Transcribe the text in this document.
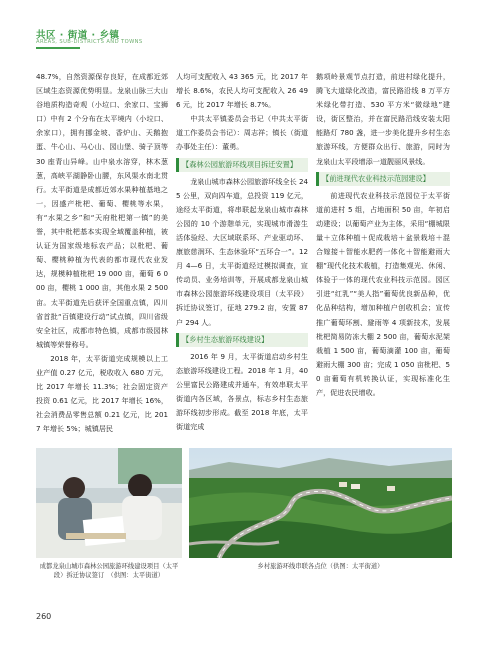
共区 · 街道 · 乡镇
AREAS, SUB-DISTRICTS AND TOWNS

48.7%，自然资源保存良好，在成都近郊区域生态资源优势明显。龙泉山脉三大山谷地质构造奇观（小垃口、余家口、宝狮口）中有 2 个分布在太平境内（小垃口、余家口），拥有挪金坡、香炉山、天鹅抱蛋、牛心山、马心山、园山堡、骑子顶等 30 座青山异峰。山中泉水溶穿，林木葱葱，高峡平湖静卧山腰，东风渠水南北贯行。太平街道是成都近郊水果种植基地之一，因盛产枇杷、葡萄、樱桃等水果，有“水果之乡”和“天府枇杷第一镇”的美誉，其中枇杷基本实现全域覆盖种植，被认证为国家级地标农产品；以枇杷、葡萄、樱桃种植为代表的都市现代农业发达，规模种植枇杷 19 000 亩，葡萄 6 000 亩，樱桃 1 000 亩，其他水果 2 500 亩。太平街道先后获评全国重点镇，四川省首批“百镇建设行动”试点镇，四川省级安全社区，成都市特色镇，成都市级园林城镇等荣誉称号。

2018 年，太平街道完成规模以上工业产值 0.27 亿元，税收收入 680 万元，比 2017 年增长 11.3%；社会固定资产投资 0.61 亿元，比 2017 年增长 16%，社会消费品零售总额 0.21 亿元，比 2017 年增长 5%；城镇居民

人均可支配收入 43 365 元，比 2017 年增长 8.6%，农民人均可支配收入 26 496 元，比 2017 年增长 8.7%。

中共太平镇委员会书记（中共太平街道工作委员会书记）：周志祥；镇长（街道办事处主任）：董勇。

【森林公园旅游环线项目拆迁安置】

龙泉山城市森林公园旅游环线全长 245 公里，双向四车道，总投资 119 亿元，途经太平街道，将串联起龙泉山城市森林公园的 10 个游憩单元，实现城市滑游生活体验经、大区域联系环、产业驱动环、康旅慈润环、生态休验环“五环合一”。12 月 4—6 日，太平街道经过模拟调查，宣传动员、业务培训等，开展成都龙泉山城市森林公园旅游环线建设项目（太平段）拆迁协议签订，征地 279.2 亩，安置 87 户 294 人。

【乡村生态旅游环线建设】

2016 年 9 月，太平街道启动乡村生态旅游环线建设工程。2018 年 1 月，40 公里富民公路建成并通车，有效串联太平街道内各区域，各景点，标志乡村生态旅游环线初步形成。截至 2018 年底，太平街道完成

鹅项岭景观节点打造，前进村绿化提升，腾飞大道绿化改造，富民路沿线 8 万平方米绿化带打造、530 平方米“微绿地”建设，街区整治，并在富民路沿线安装太阳能路灯 780 盏，进一步美化提升乡村生态旅游环线，方便群众出行、旅游，同时为龙泉山太平段增添一道靓丽风景线。

【前进现代农业科技示范园建设】

前进现代农业科技示范园位于太平街道前进村 5 组，占地面积 50 亩，年初启动建设；以葡萄产业为主体，采用“棚城限量＋立体种植＋促成栽培＋盆景栽培＋混合嫁接＋智能水肥药一体化＋智能避雨大棚”现代化技术栽植，打造集观光、休闲、体验于一体的现代农业科技示范园。园区引进“红乳”“美人指”葡萄优良新品种，优化品种结构，增加种植户创收机会；宣传推广葡萄环割、避雨等 4 项新技术，发展枇杷简易防冻大棚 2 500 亩，葡萄水泥架栽植 1 500 亩，葡萄滴灌 100 亩，葡萄避雨大棚 300 亩；完成 1 050 亩枇杷、50 亩葡萄有机转换认证，实现标准化生产，促进农民增收。

成都龙泉山城市森林公园旅游环线建设项目（太平段）拆迁协议签订　（供图：太平街道）
乡村旅游环线串联各点位（供图：太平街道）
260
